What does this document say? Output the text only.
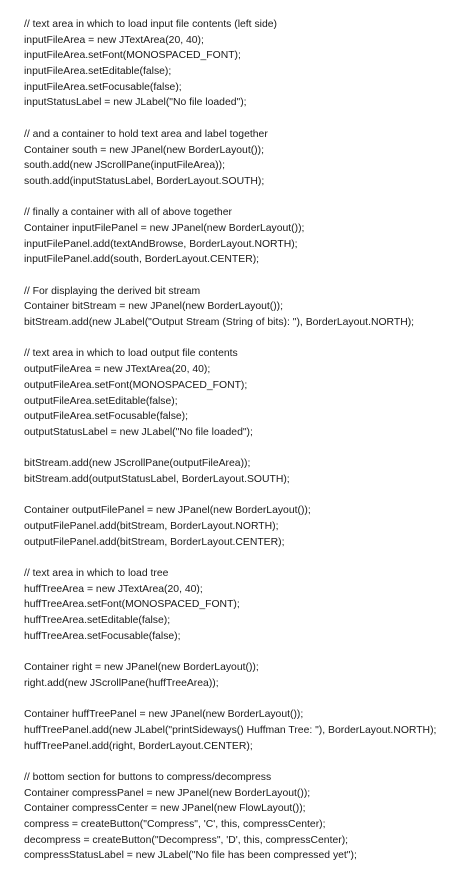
// text area in which to load input file contents (left side)
inputFileArea = new JTextArea(20, 40);
inputFileArea.setFont(MONOSPACED_FONT);
inputFileArea.setEditable(false);
inputFileArea.setFocusable(false);
inputStatusLabel = new JLabel("No file loaded");
// and a container to hold text area and label together
Container south = new JPanel(new BorderLayout());
south.add(new JScrollPane(inputFileArea));
south.add(inputStatusLabel, BorderLayout.SOUTH);
// finally a container with all of above together
Container inputFilePanel = new JPanel(new BorderLayout());
inputFilePanel.add(textAndBrowse, BorderLayout.NORTH);
inputFilePanel.add(south, BorderLayout.CENTER);
// For displaying the derived bit stream
Container bitStream = new JPanel(new BorderLayout());
bitStream.add(new JLabel("Output Stream (String of bits): "), BorderLayout.NORTH);
// text area in which to load output file contents
outputFileArea = new JTextArea(20, 40);
outputFileArea.setFont(MONOSPACED_FONT);
outputFileArea.setEditable(false);
outputFileArea.setFocusable(false);
outputStatusLabel = new JLabel("No file loaded");
bitStream.add(new JScrollPane(outputFileArea));
bitStream.add(outputStatusLabel, BorderLayout.SOUTH);
Container outputFilePanel = new JPanel(new BorderLayout());
outputFilePanel.add(bitStream, BorderLayout.NORTH);
outputFilePanel.add(bitStream, BorderLayout.CENTER);
// text area in which to load tree
huffTreeArea = new JTextArea(20, 40);
huffTreeArea.setFont(MONOSPACED_FONT);
huffTreeArea.setEditable(false);
huffTreeArea.setFocusable(false);
Container right = new JPanel(new BorderLayout());
right.add(new JScrollPane(huffTreeArea));
Container huffTreePanel = new JPanel(new BorderLayout());
huffTreePanel.add(new JLabel("printSideways() Huffman Tree: "), BorderLayout.NORTH);
huffTreePanel.add(right, BorderLayout.CENTER);
// bottom section for buttons to compress/decompress
Container compressPanel = new JPanel(new BorderLayout());
Container compressCenter = new JPanel(new FlowLayout());
compress = createButton("Compress", 'C', this, compressCenter);
decompress = createButton("Decompress", 'D', this, compressCenter);
compressStatusLabel = new JLabel("No file has been compressed yet");
